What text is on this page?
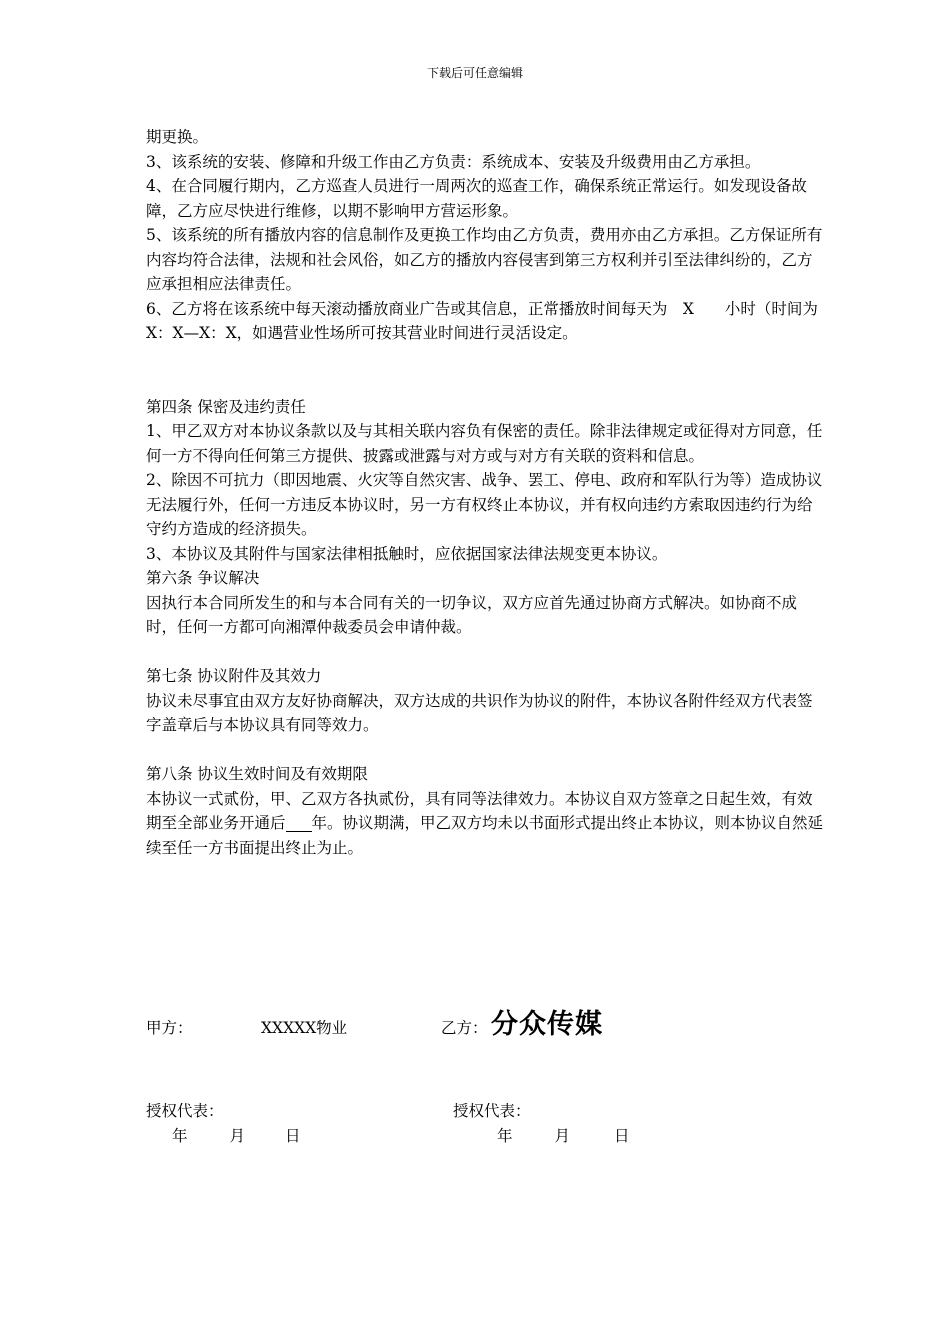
下载后可任意编辑

期更换。

3、该系统的安装、修障和升级工作由乙方负责：系统成本、安装及升级费用由乙方承担。

4、在合同履行期内，乙方巡查人员进行一周两次的巡查工作，确保系统正常运行。如发现设备故障，乙方应尽快进行维修，以期不影响甲方营运形象。

5、该系统的所有播放内容的信息制作及更换工作均由乙方负责，费用亦由乙方承担。乙方保证所有内容均符合法律，法规和社会风俗，如乙方的播放内容侵害到第三方权利并引至法律纠纷的，乙方应承担相应法律责任。

6、乙方将在该系统中每天滚动播放商业广告或其信息，正常播放时间每天为　X　　小时（时间为X：X—X：X，如遇营业性场所可按其营业时间进行灵活设定。

第四条 保密及违约责任

1、甲乙双方对本协议条款以及与其相关联内容负有保密的责任。除非法律规定或征得对方同意，任何一方不得向任何第三方提供、披露或泄露与对方或与对方有关联的资料和信息。

2、除因不可抗力（即因地震、火灾等自然灾害、战争、罢工、停电、政府和军队行为等）造成协议无法履行外，任何一方违反本协议时，另一方有权终止本协议，并有权向违约方索取因违约行为给守约方造成的经济损失。

3、本协议及其附件与国家法律相抵触时，应依据国家法律法规变更本协议。

第六条 争议解决

因执行本合同所发生的和与本合同有关的一切争议，双方应首先通过协商方式解决。如协商不成时，任何一方都可向湘潭仲裁委员会申请仲裁。

第七条 协议附件及其效力

协议未尽事宜由双方友好协商解决，双方达成的共识作为协议的附件，本协议各附件经双方代表签字盖章后与本协议具有同等效力。

第八条 协议生效时间及有效期限

本协议一式贰份，甲、乙双方各执贰份，具有同等法律效力。本协议自双方签章之日起生效，有效期至全部业务开通后 年。协议期满，甲乙双方均未以书面形式提出终止本协议，则本协议自然延续至任一方书面提出终止为止。

甲方：	XXXXX物业	乙方： 分众传媒
授权代表：	授权代表：
年	月	日	年	月	日
